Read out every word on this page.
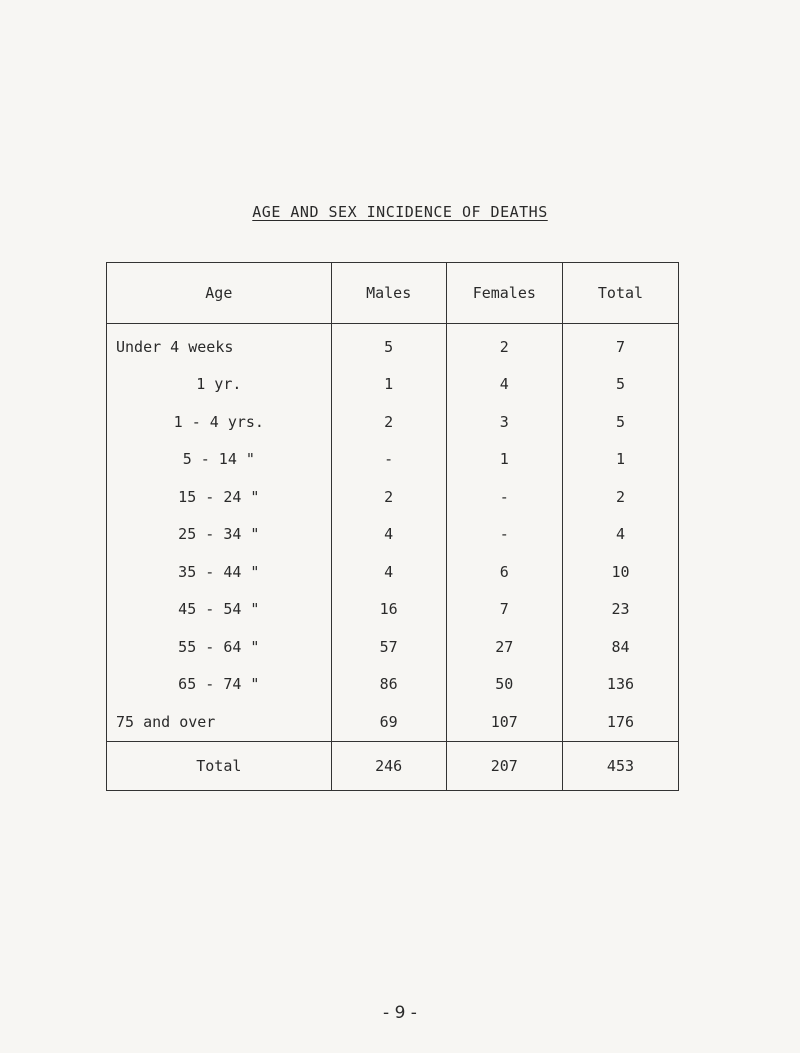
AGE AND SEX INCIDENCE OF DEATHS
Age	Males	Females	Total
Under 4 weeks	5	2	7
1 yr.	1	4	5
1 - 4 yrs.	2	3	5
5 - 14 "	-	1	1
15 - 24 "	2	-	2
25 - 34 "	4	-	4
35 - 44 "	4	6	10
45 - 54 "	16	7	23
55 - 64 "	57	27	84
65 - 74 "	86	50	136
75 and over	69	107	176
Total	246	207	453
- 9 -
